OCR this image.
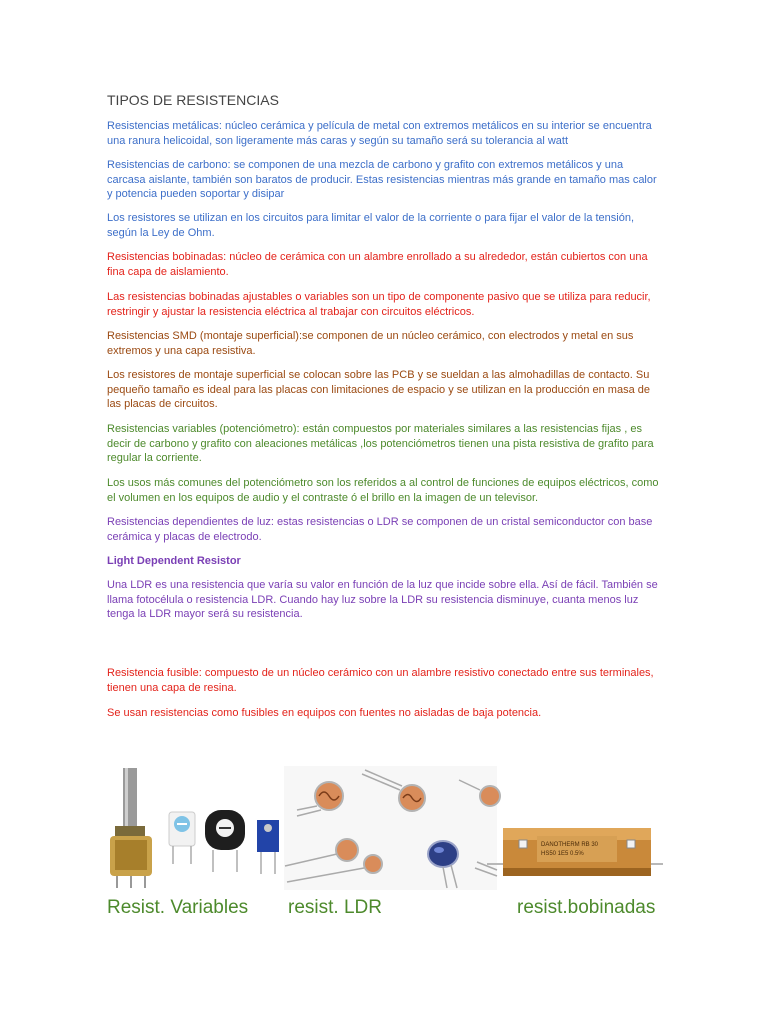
TIPOS DE RESISTENCIAS

Resistencias metálicas: núcleo cerámica y película de metal con extremos metálicos en su interior se encuentra una ranura helicoidal, son ligeramente más caras y según su tamaño será su tolerancia al watt

Resistencias de carbono: se componen de una mezcla de carbono y grafito con extremos metálicos y una carcasa aislante, también son baratos de producir. Estas resistencias mientras más grande en tamaño mas calor y potencia pueden soportar y disipar

Los resistores se utilizan en los circuitos para limitar el valor de la corriente o para fijar el valor de la tensión, según la Ley de Ohm.

Resistencias bobinadas: núcleo de cerámica con un alambre enrollado a su alrededor, están cubiertos con una fina capa de aislamiento.

Las resistencias bobinadas ajustables o variables son un tipo de componente pasivo que se utiliza para reducir, restringir y ajustar la resistencia eléctrica al trabajar con circuitos eléctricos.

Resistencias SMD (montaje superficial):se componen de un núcleo cerámico, con electrodos y metal en sus extremos y una capa resistiva.

Los resistores de montaje superficial se colocan sobre las PCB y se sueldan a las almohadillas de contacto. Su pequeño tamaño es ideal para las placas con limitaciones de espacio y se utilizan en la producción en masa de las placas de circuitos.

Resistencias variables (potenciómetro): están compuestos por materiales similares a las resistencias fijas , es decir de carbono y grafito con aleaciones metálicas ,los potenciómetros tienen una pista resistiva de grafito para regular la corriente.

Los usos más comunes del potenciómetro son los referidos a al control de funciones de equipos eléctricos, como el volumen en los equipos de audio y el contraste ó el brillo en la imagen de un televisor.

Resistencias dependientes de luz: estas resistencias o LDR se componen de un cristal semiconductor con base cerámica y placas de electrodo.

Light Dependent Resistor

Una LDR es una resistencia que varía su valor en función de la luz que incide sobre ella. Así de fácil. También se llama fotocélula o resistencia LDR. Cuando hay luz sobre la LDR su resistencia disminuye, cuanta menos luz tenga la LDR mayor será su resistencia.

Resistencia fusible: compuesto de un núcleo cerámico con un alambre resistivo conectado entre sus terminales, tienen una capa de resina.

Se usan resistencias como fusibles en equipos con fuentes no aisladas de baja potencia.

DANOTHERM RB 30
HS50 1E5 0.5%
Resist. Variables resist. LDR	resist.bobinadas
